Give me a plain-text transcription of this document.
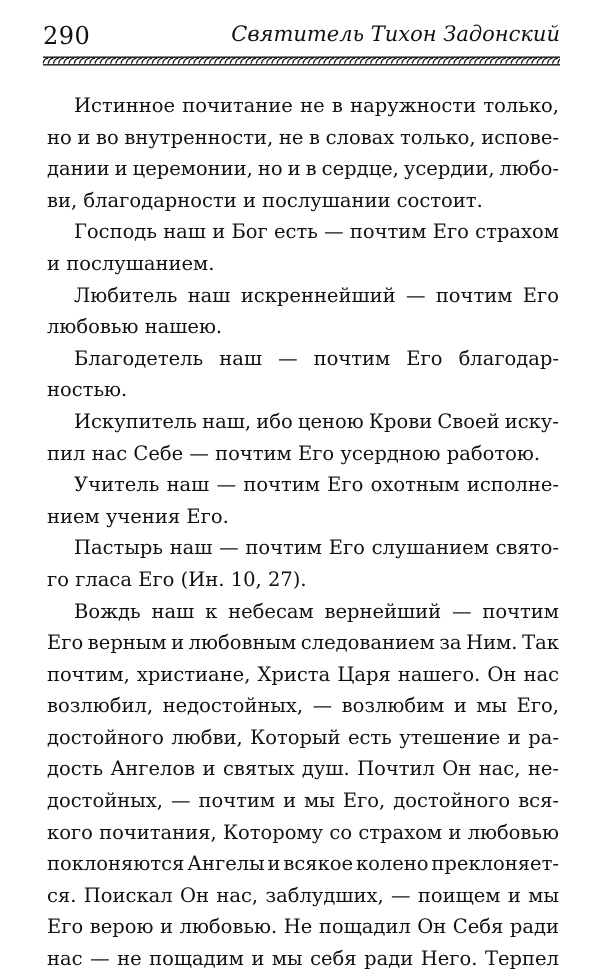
290	Святитель Тихон Задонский
Истинное почитание не в наружности только,
но и во внутренности, не в словах только, испове-
дании и церемонии, но и в сердце, усердии, любо-
ви, благодарности и послушании состоит.
Господь наш и Бог есть — почтим Его страхом
и послушанием.
Любитель наш искреннейший — почтим Его
любовью нашею.
Благодетель наш — почтим Его благодар-
ностью.
Искупитель наш, ибо ценою Крови Своей иску-
пил нас Себе — почтим Его усердною работою.
Учитель наш — почтим Его охотным исполне-
нием учения Его.
Пастырь наш — почтим Его слушанием свято-
го гласа Его (Ин. 10, 27).
Вождь наш к небесам вернейший — почтим
Его верным и любовным следованием за Ним. Так
почтим, христиане, Христа Царя нашего. Он нас
возлюбил, недостойных, — возлюбим и мы Его,
достойного любви, Который есть утешение и ра-
дость Ангелов и святых душ. Почтил Он нас, не-
достойных, — почтим и мы Его, достойного вся-
кого почитания, Которому со страхом и любовью
поклоняются Ангелы и всякое колено преклоняет-
ся. Поискал Он нас, заблудших, — поищем и мы
Его верою и любовью. Не пощадил Он Себя ради
нас — не пощадим и мы себя ради Него. Терпел
